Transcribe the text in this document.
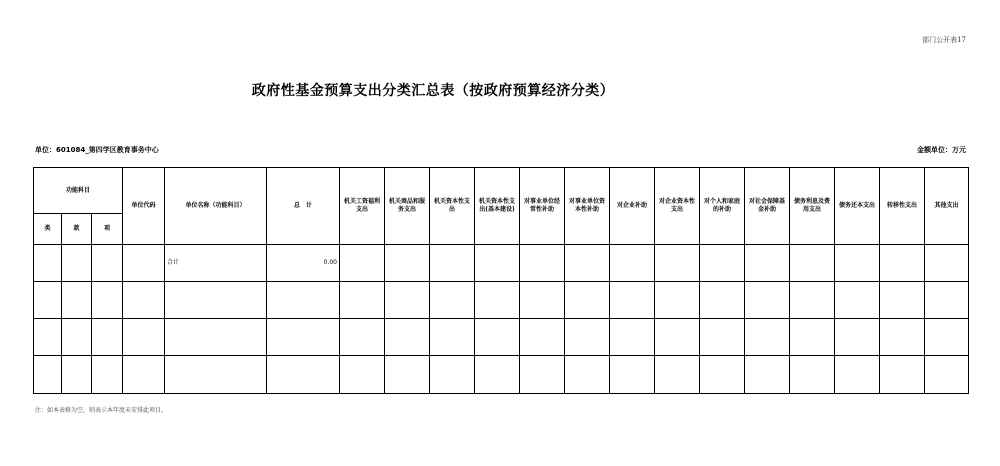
部门公开表17
政府性基金预算支出分类汇总表（按政府预算经济分类）
单位：601084_第四学区教育事务中心	金额单位：万元
功能科目			单位代码	单位名称（功能科目）	总　计	机关工资福利支出	机关商品和服务支出	机关资本性支出	机关资本性支出(基本建设)	对事业单位经常性补助	对事业单位资本性补助	对企业补助	对企业资本性支出	对个人和家庭的补助	对社会保障基金补助	债务利息及费用支出	债务还本支出	转移性支出	其他支出
类	款	项																	
				合计	0.00														

注：如本表格为空，则表示本年度未安排此项目。
